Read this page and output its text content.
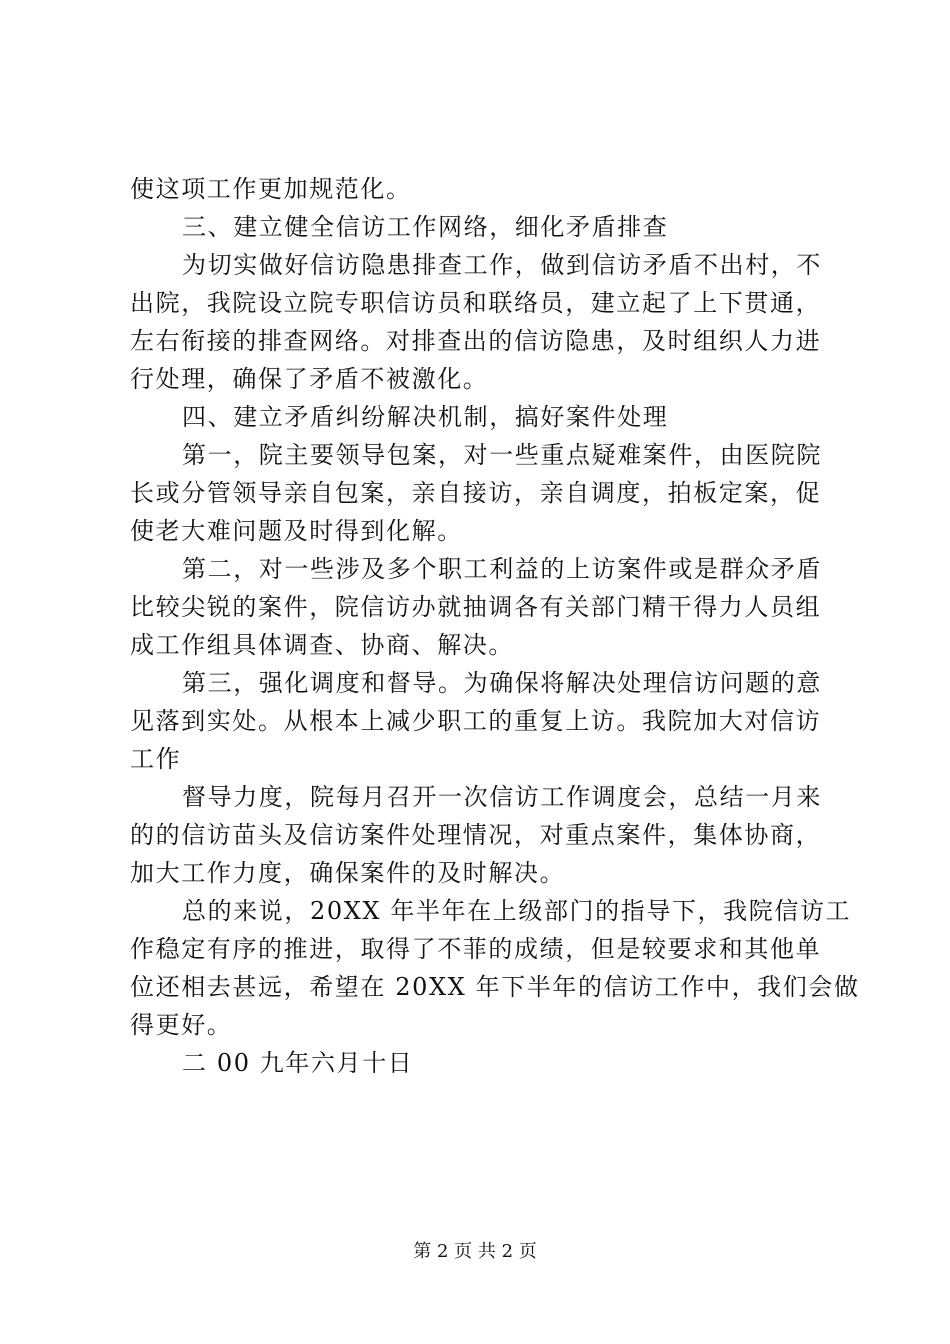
使这项工作更加规范化。
三、建立健全信访工作网络，细化矛盾排查
为切实做好信访隐患排查工作，做到信访矛盾不出村，不
出院，我院设立院专职信访员和联络员，建立起了上下贯通，
左右衔接的排查网络。对排查出的信访隐患，及时组织人力进
行处理，确保了矛盾不被激化。
四、建立矛盾纠纷解决机制，搞好案件处理
第一，院主要领导包案，对一些重点疑难案件，由医院院
长或分管领导亲自包案，亲自接访，亲自调度，拍板定案，促
使老大难问题及时得到化解。
第二，对一些涉及多个职工利益的上访案件或是群众矛盾
比较尖锐的案件，院信访办就抽调各有关部门精干得力人员组
成工作组具体调查、协商、解决。
第三，强化调度和督导。为确保将解决处理信访问题的意
见落到实处。从根本上减少职工的重复上访。我院加大对信访
工作
督导力度，院每月召开一次信访工作调度会，总结一月来
的的信访苗头及信访案件处理情况，对重点案件，集体协商，
加大工作力度，确保案件的及时解决。
总的来说，20XX 年半年在上级部门的指导下，我院信访工
作稳定有序的推进，取得了不菲的成绩，但是较要求和其他单
位还相去甚远，希望在 20XX 年下半年的信访工作中，我们会做
得更好。
二 00 九年六月十日
第 2 页 共 2 页
